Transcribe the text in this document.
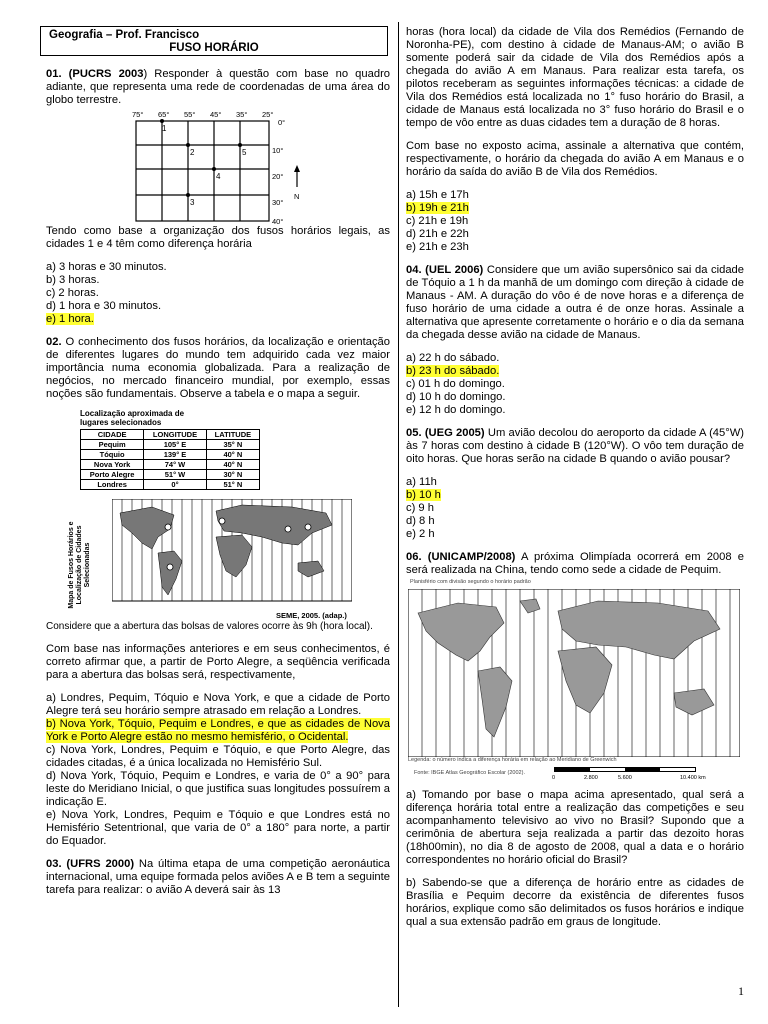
Geografia – Prof. Francisco
FUSO HORÁRIO

01. (PUCRS 2003) Responder à questão com base no quadro adiante, que representa uma rede de coordenadas de uma área do globo terrestre.

75° 65° 55° 45° 35° 25°
0°
10°
20°
30°
40°
1
2
3
4
5
N

Tendo como base a organização dos fusos horários legais, as cidades 1 e 4 têm como diferença horária

a) 3 horas e 30 minutos.
b) 3 horas.
c) 2 horas.
d) 1 hora e 30 minutos.
e) 1 hora.

02. O conhecimento dos fusos horários, da localização e orientação de diferentes lugares do mundo tem adquirido cada vez maior importância numa economia globalizada. Para a realização de negócios, no mercado financeiro mundial, por exemplo, essas noções são fundamentais. Observe a tabela e o mapa a seguir.

Localização aproximada de lugares selecionados
CIDADE	LONGITUDE	LATITUDE
Pequim	105° E	35° N
Tóquio	139° E	40° N
Nova York	74° W	40° N
Porto Alegre	51° W	30° N
Londres	0°	51° N
Mapa de Fusos Horários e Localização de Cidades Selecionadas
SEME, 2005. (adap.)

Considere que a abertura das bolsas de valores ocorre às 9h (hora local).

Com base nas informações anteriores e em seus conhecimentos, é correto afirmar que, a partir de Porto Alegre, a seqüência verificada para a abertura das bolsas será, respectivamente,

a) Londres, Pequim, Tóquio e Nova York, e que a cidade de Porto Alegre terá seu horário sempre atrasado em relação a Londres.

b) Nova York, Tóquio, Pequim e Londres, e que as cidades de Nova York e Porto Alegre estão no mesmo hemisfério, o Ocidental.

c) Nova York, Londres, Pequim e Tóquio, e que Porto Alegre, das cidades citadas, é a única localizada no Hemisfério Sul.

d) Nova York, Tóquio, Pequim e Londres, e varia de 0° a 90° para leste do Meridiano Inicial, o que justifica suas longitudes possuírem a indicação E.

e) Nova York, Londres, Pequim e Tóquio e que Londres está no Hemisfério Setentrional, que varia de 0° a 180° para norte, a partir do Equador.

03. (UFRS 2000) Na última etapa de uma competição aeronáutica internacional, uma equipe formada pelos aviões A e B tem a seguinte tarefa para realizar: o avião A deverá sair às 13

horas (hora local) da cidade de Vila dos Remédios (Fernando de Noronha-PE), com destino à cidade de Manaus-AM; o avião B somente poderá sair da cidade de Vila dos Remédios após a chegada do avião A em Manaus. Para realizar esta tarefa, os pilotos receberam as seguintes informações técnicas: a cidade de Vila dos Remédios está localizada no 1° fuso horário do Brasil, a cidade de Manaus está localizada no 3° fuso horário do Brasil e o tempo de vôo entre as duas cidades tem a duração de 8 horas.

Com base no exposto acima, assinale a alternativa que contém, respectivamente, o horário da chegada do avião A em Manaus e o horário da saída do avião B de Vila dos Remédios.

a) 15h e 17h
b) 19h e 21h
c) 21h e 19h
d) 21h e 22h
e) 21h e 23h

04. (UEL 2006) Considere que um avião supersônico sai da cidade de Tóquio a 1 h da manhã de um domingo com direção à cidade de Manaus - AM. A duração do vôo é de nove horas e a diferença de fuso horário de uma cidade a outra é de onze horas. Assinale a alternativa que apresente corretamente o horário e o dia da semana da chegada desse avião na cidade de Manaus.

a) 22 h do sábado.
b) 23 h do sábado.
c) 01 h do domingo.
d) 10 h do domingo.
e) 12 h do domingo.

05. (UEG 2005) Um avião decolou do aeroporto da cidade A (45°W) às 7 horas com destino à cidade B (120°W). O vôo tem duração de oito horas. Que horas serão na cidade B quando o avião pousar?

a) 11h
b) 10 h
c) 9 h
d) 8 h
e) 2 h

06. (UNICAMP/2008) A próxima Olimpíada ocorrerá em 2008 e será realizada na China, tendo como sede a cidade de Pequim.

Planisfério com divisão segundo o horário padrão
Legenda: o número indica a diferença horária em relação ao Meridiano de Greenwich
Fonte: IBGE Atlas Geográfico Escolar (2002).
0	2.800	5.600	10.400 km

a) Tomando por base o mapa acima apresentado, qual será a diferença horária total entre a realização das competições e seu acompanhamento televisivo ao vivo no Brasil? Supondo que a cerimônia de abertura seja realizada a partir das dezoito horas (18h00min), no dia 8 de agosto de 2008, qual a data e o horário correspondentes no horário oficial do Brasil?

b) Sabendo-se que a diferença de horário entre as cidades de Brasília e Pequim decorre da existência de diferentes fusos horários, explique como são delimitados os fusos horários e indique qual a sua extensão padrão em graus de longitude.

1
